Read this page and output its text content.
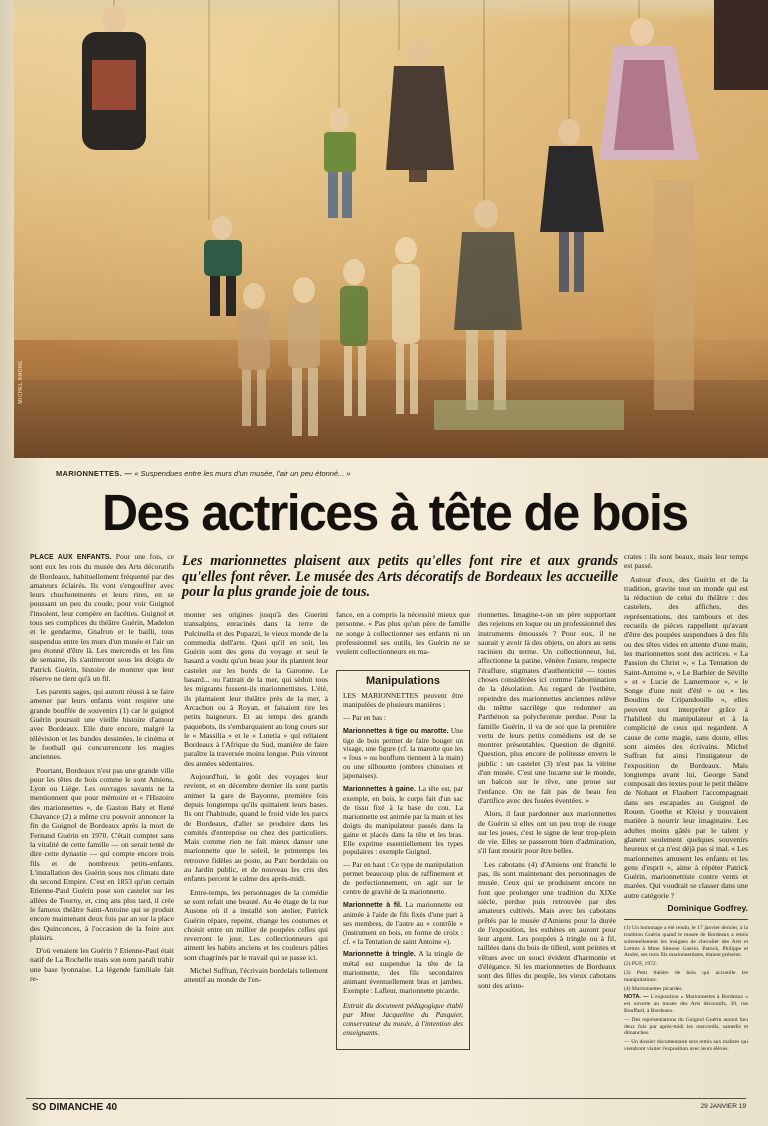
MICHEL ANONE
MARIONNETTES. — « Suspendues entre les murs d'un musée, l'air un peu étonné... »
Des actrices à tête de bois
Les marionnettes plaisent aux petits qu'elles font rire et aux grands qu'elles font rêver. Le musée des Arts décoratifs de Bordeaux les accueille pour la plus grande joie de tous.

PLACE AUX ENFANTS. Pour une fois, ce sont eux les rois du musée des Arts décoratifs de Bordeaux, habituellement fréquenté par des amateurs éclairés. Ils vont s'engouffrer avec leurs chuchotements et leurs rires, en se poussant un peu du coude, pour voir Guignol l'insolent, leur compère en facéties. Guignol et tous ses complices du théâtre Guérin, Madelon et le gendarme, Gnafron et le bailli, tous suspendus entre les murs d'un musée et l'air un peu étonné d'être là. Les mercredis et les fins de semaine, ils s'animeront sous les doigts de Patrick Guérin, histoire de montrer que leur réserve ne tient qu'à un fil.

Les parents sages, qui auront réussi à se faire amener par leurs enfants vont respirer une grande bouffée de souvenirs (1) car le guignol Guérin poursuit une vieille histoire d'amour avec Bordeaux. Elle dure encore, malgré la télévision et les bandes dessinées, le cinéma et le football qui concurrencent les magies anciennes.

Pourtant, Bordeaux n'est pas une grande ville pour les têtes de bois comme le sont Amiens, Lyon ou Liège. Les ouvrages savants ne la mentionnent que pour mémoire et « l'Histoire des marionnettes », de Gaston Baty et René Chavance (2) a même cru pouvoir annoncer la fin du Guignol de Bordeaux après la mort de Fernand Guérin en 1970. C'était compter sans la vitalité de cette famille — on serait tenté de dire cette dynastie — qui compte encore trois fils et de nombreux petits-enfants. L'installation des Guérin sous nos climats date du second Empire. C'est en 1853 qu'un certain Etienne-Paul Guérin pose son castelet sur les allées de Tourny, et, cinq ans plus tard, il crée le fameux théâtre Saint-Antoine qui se produit encore maintenant deux fois par an sur la place des Quinconces, à l'occasion de la foire aux plaisirs.

D'où venaient les Guérin ? Etienne-Paul était natif de La Rochelle mais son nom paraît trahir une base lyonnaise. La légende familiale fait re-

monter ses origines jusqu'à des Guerini transalpins, enracinés dans la terre de Pulcinella et des Pupazzi, le vieux monde de la commedia dell'arte. Quoi qu'il en soit, les Guérin sont des gens du voyage et seul le hasard a voulu qu'un beau jour ils plantent leur castelet sur les bords de la Garonne. Le hasard... ou l'attrait de la mer, qui séduit tous les migrants fussent-ils marionnettistes. L'été, ils plantaient leur théâtre près de la mer, à Arcachon ou à Royan, et faisaient rire les petits baigneurs. Et au temps des grands paquebots, ils s'embarquaient au long cours sur le « Massilia » et le « Lutetia » qui reliaient Bordeaux à l'Afrique du Sud, manière de faire paraître la traversée moins longue. Puis vinrent des années sédentaires.

Aujourd'hui, le goût des voyages leur revient, et en décembre dernier ils sont partis animer la gare de Bayonne, première fois depuis longtemps qu'ils quittaient leurs bases. Ils ont l'habitude, quand le froid vide les parcs de Bordeaux, d'aller se produire dans les comités d'entreprise ou chez des particuliers. Mais comme rien ne fait mieux danser une marionnette que le soleil, le printemps les retrouve fidèles au poste, au Parc bordelais ou au Jardin public, et de nouveau les cris des enfants percent le calme des après-midi.

Entre-temps, les personnages de la comédie se sont refait une beauté. Au 4e étage de la rue Ausone où il a installé son atelier, Patrick Guérin répare, repeint, change les costumes et choisit entre un millier de poupées celles qui reverront le jour. Les collectionneurs qui aiment les habits anciens et les couleurs pâlies sont chagrinés par le travail qui se passe ici.

Michel Suffran, l'écrivain bordelais tellement attentif au monde de l'en-

fance, en a compris la nécessité mieux que personne. « Pas plus qu'un père de famille ne songe à collectionner ses enfants ni un professionnel ses outils, les Guérin ne se veulent collectionneurs en ma-

Manipulations

LES MARIONNETTES peuvent être manipulées de plusieurs manières :

— Par en bas :

Marionnettes à tige ou marotte. Une tige de bois permet de faire bouger un visage, une figure (cf. la marotte que les « fous » ou bouffons tiennent à la main) ou une silhouette (ombres chinoises et japonaises).

Marionnettes à gaine. La tête est, par exemple, en bois, le corps fait d'un sac de tissu fixé à la base du cou. La marionnette est animée par la main et les doigts du manipulateur passés dans la gaine et placés dans la tête et les bras. Elle exprime essentiellement les types populaires : exemple Guignol.

— Par en haut : Ce type de manipulation permet beaucoup plus de raffinement et de perfectionnement, on agit sur le centre de gravité de la marionnette.

Marionnette à fil. La marionnette est animée à l'aide de fils fixés d'une part à ses membres, de l'autre au « contrôle » (instrument en bois, en forme de croix : cf. « la Tentation de saint Antoine »).

Marionnette à tringle. A la tringle de métal est suspendue la tête de la marionnette, des fils secondaires animant éventuellement bras et jambes. Exemple : Lafleur, marionnette picarde.

Extrait du document pédagogique établi par Mme Jacqueline du Pasquier, conservateur du musée, à l'intention des enseignants.

rionnettes. Imagine-t-on un père supportant des rejetons en loque ou un professionnel des instruments émoussés ? Pour eux, il ne saurait y avoir là des objets, ou alors au sens racinien du terme. Un collectionneur, lui, affectionne la patine, vénère l'usure, respecte l'éraflure, stigmates d'authenticité — toutes choses considérées ici comme l'abomination de la désolation. Au regard de l'esthète, repeindre des marionnettes anciennes relève du même sacrilège que redonner au Parthénon sa polychromie perdue. Pour la famille Guérin, il va de soi que la première vertu de leurs petits comédiens est de se montrer présentables. Question de dignité. Question, plus encore de politesse envers le public : un castelet (3) n'est pas la vitrine d'un musée. C'est une lucarne sur le monde, un balcon sur le rêve, une proue sur l'enfance. On ne fait pas de beau feu d'artifice avec des fusées éventées. »

Alors, il faut pardonner aux marionnettes de Guérin si elles ont un peu trop de rouge sur les joues, c'est le signe de leur trop-plein de vie. Elles se passeront bien d'admiration, s'il faut mourir pour être belles.

Les cabotans (4) d'Amiens ont franchi le pas, ils sont maintenant des personnages de musée. Ceux qui se produisent encore ne font que prolonger une tradition du XIXe siècle, perdue puis retrouvée par des amateurs cultivés. Mais avec les cabotans prêtés par le musée d'Amiens pour la durée de l'exposition, les esthètes en auront pour leur argent. Les poupées à tringle ou à fil, taillées dans du bois de tilleul, sont peintes et vêtues avec un souci évident d'harmonie et d'élégance. Si les marionnettes de Bordeaux sont des filles du peuple, les vieux cabotans sont des aristo-

crates : ils sont beaux, mais leur temps est passé.

Autour d'eux, des Guérin et de la tradition, gravite tout un monde qui est la réduction de celui du théâtre : des castelets, des affiches, des représentations, des tambours et des recueils de pièces rappellent qu'avant d'être des poupées suspendues à des fils ou des têtes vides en attente d'une main, les marionnettes sont des actrices. « La Passion du Christ », « La Tentation de Saint-Antoine », « Le Barbier de Séville » et « Lucie de Lamermoor », « le Songe d'une nuit d'été » ou « les Boudins de Cripandouille », elles peuvent tout interpréter grâce à l'habileté du manipulateur et à la complicité de ceux qui regardent. A cause de cette magie, sans doute, elles sont aimées des écrivains. Michel Suffran fut ainsi l'instigateur de l'exposition de Bordeaux. Mais longtemps avant lui, George Sand composait des textes pour le petit théâtre de Nohant et Flaubert l'accompagnait dans ses escapades au Guignol de Rouen. Goethe et Kleist y trouvaient matière à nourrir leur imaginaire. Les adultes moins gâtés par le talent y glanent seulement quelques souvenirs heureux et ça n'est déjà pas si mal. « Les marionnettes amusent les enfants et les gens d'esprit », aime à répéter Patrick Guérin, marionnettiste contre vents et marées. Qui voudrait se classer dans une autre catégorie ?

Dominique Godfrey.

(1) Un hommage a été rendu, le 17 janvier dernier, à la tradition Guérin quand le musée de Bordeaux a remis solennellement les insignes de chevalier des Arts et Lettres à Mme Simone Guérin. Patrick, Philippe et André, ses trois fils marionnettistes, étaient présents.

(2) PUF, 1972.

(3) Petit théâtre de bois qui accueille les manipulations.

(4) Marionnettes picardes.

NOTA. — L'exposition « Marionnettes à Bordeaux » est ouverte au musée des Arts décoratifs, 39, rue Bouffard, à Bordeaux.

— Des représentations du Guignol Guérin auront lieu deux fois par après-midi les mercredis, samedis et dimanches.

— Un dossier documentaire sera remis aux maîtres qui viendront visiter l'exposition avec leurs élèves.

SO DIMANCHE 40	29 JANVIER 19
